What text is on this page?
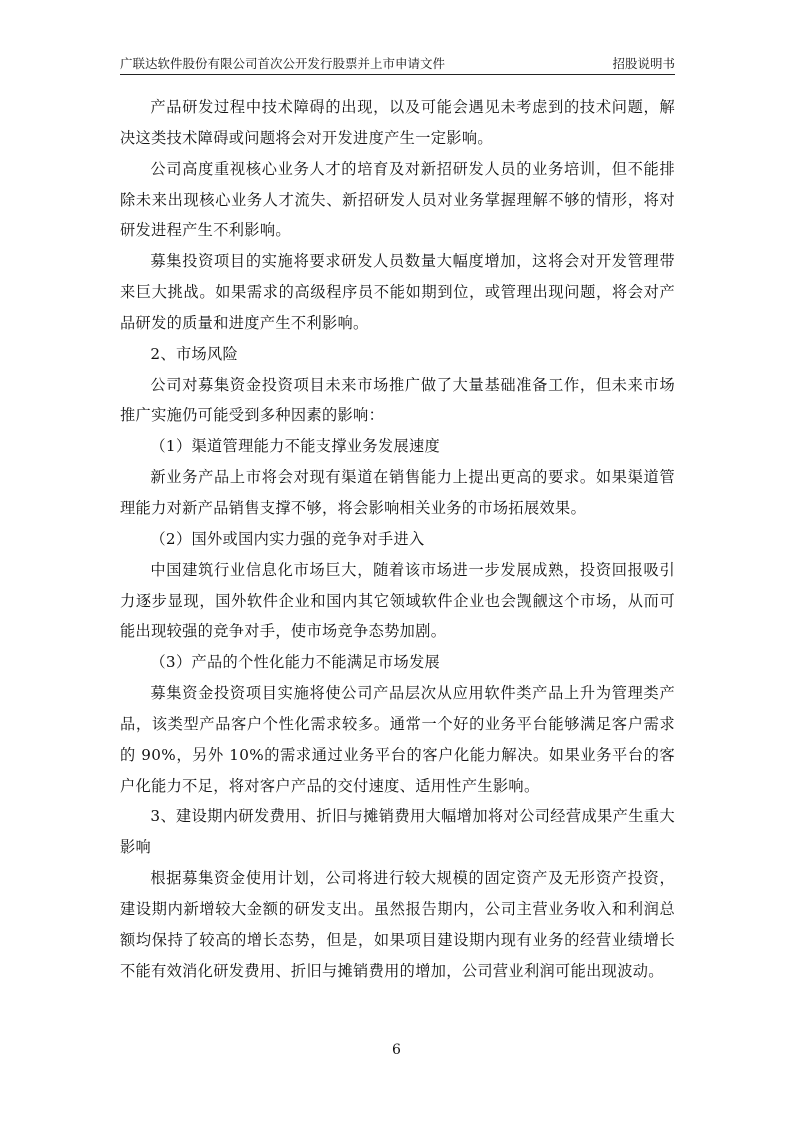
广联达软件股份有限公司首次公开发行股票并上市申请文件	招股说明书

产品研发过程中技术障碍的出现，以及可能会遇见未考虑到的技术问题，解决这类技术障碍或问题将会对开发进度产生一定影响。

公司高度重视核心业务人才的培育及对新招研发人员的业务培训，但不能排除未来出现核心业务人才流失、新招研发人员对业务掌握理解不够的情形，将对研发进程产生不利影响。

募集投资项目的实施将要求研发人员数量大幅度增加，这将会对开发管理带来巨大挑战。如果需求的高级程序员不能如期到位，或管理出现问题，将会对产品研发的质量和进度产生不利影响。

2、市场风险

公司对募集资金投资项目未来市场推广做了大量基础准备工作，但未来市场推广实施仍可能受到多种因素的影响：

（1）渠道管理能力不能支撑业务发展速度

新业务产品上市将会对现有渠道在销售能力上提出更高的要求。如果渠道管理能力对新产品销售支撑不够，将会影响相关业务的市场拓展效果。

（2）国外或国内实力强的竞争对手进入

中国建筑行业信息化市场巨大，随着该市场进一步发展成熟，投资回报吸引力逐步显现，国外软件企业和国内其它领域软件企业也会觊觎这个市场，从而可能出现较强的竞争对手，使市场竞争态势加剧。

（3）产品的个性化能力不能满足市场发展

募集资金投资项目实施将使公司产品层次从应用软件类产品上升为管理类产品，该类型产品客户个性化需求较多。通常一个好的业务平台能够满足客户需求的 90%，另外 10%的需求通过业务平台的客户化能力解决。如果业务平台的客户化能力不足，将对客户产品的交付速度、适用性产生影响。

3、建设期内研发费用、折旧与摊销费用大幅增加将对公司经营成果产生重大影响

根据募集资金使用计划，公司将进行较大规模的固定资产及无形资产投资，建设期内新增较大金额的研发支出。虽然报告期内，公司主营业务收入和利润总额均保持了较高的增长态势，但是，如果项目建设期内现有业务的经营业绩增长不能有效消化研发费用、折旧与摊销费用的增加，公司营业利润可能出现波动。

6
